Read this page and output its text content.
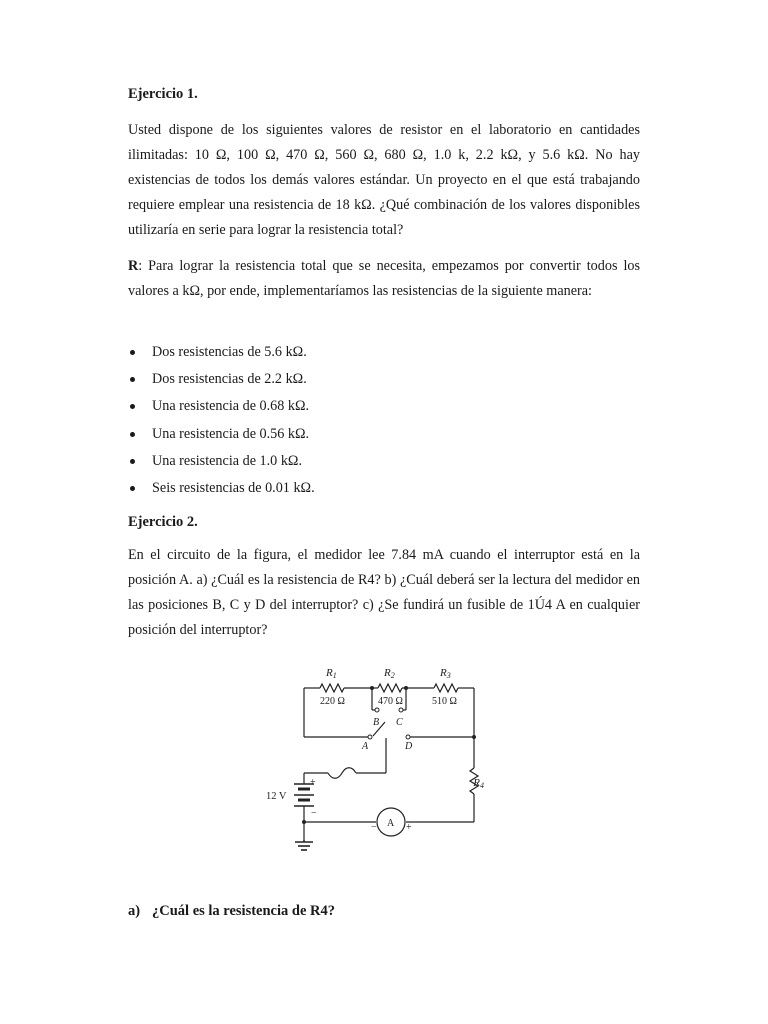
Ejercicio 1.
Usted dispone de los siguientes valores de resistor en el laboratorio en cantidades ilimitadas: 10 Ω, 100 Ω, 470 Ω, 560 Ω, 680 Ω, 1.0 k, 2.2 kΩ, y 5.6 kΩ. No hay existencias de todos los demás valores estándar. Un proyecto en el que está trabajando requiere emplear una resistencia de 18 kΩ. ¿Qué combinación de los valores disponibles utilizaría en serie para lograr la resistencia total?
R: Para lograr la resistencia total que se necesita, empezamos por convertir todos los valores a kΩ, por ende, implementaríamos las resistencias de la siguiente manera:
Dos resistencias de 5.6 kΩ.
Dos resistencias de 2.2 kΩ.
Una resistencia de 0.68 kΩ.
Una resistencia de 0.56 kΩ.
Una resistencia de 1.0 kΩ.
Seis resistencias de 0.01 kΩ.
Ejercicio 2.
En el circuito de la figura, el medidor lee 7.84 mA cuando el interruptor está en la posición A. a) ¿Cuál es la resistencia de R4? b) ¿Cuál deberá ser la lectura del medidor en las posiciones B, C y D del interruptor? c) ¿Se fundirá un fusible de 1Ú4 A en cualquier posición del interruptor?
R1
220 Ω
R2
470 Ω
R3
510 Ω
R4
B C
A	D
12 V
+
−
A
−	+
a) ¿Cuál es la resistencia de R4?
